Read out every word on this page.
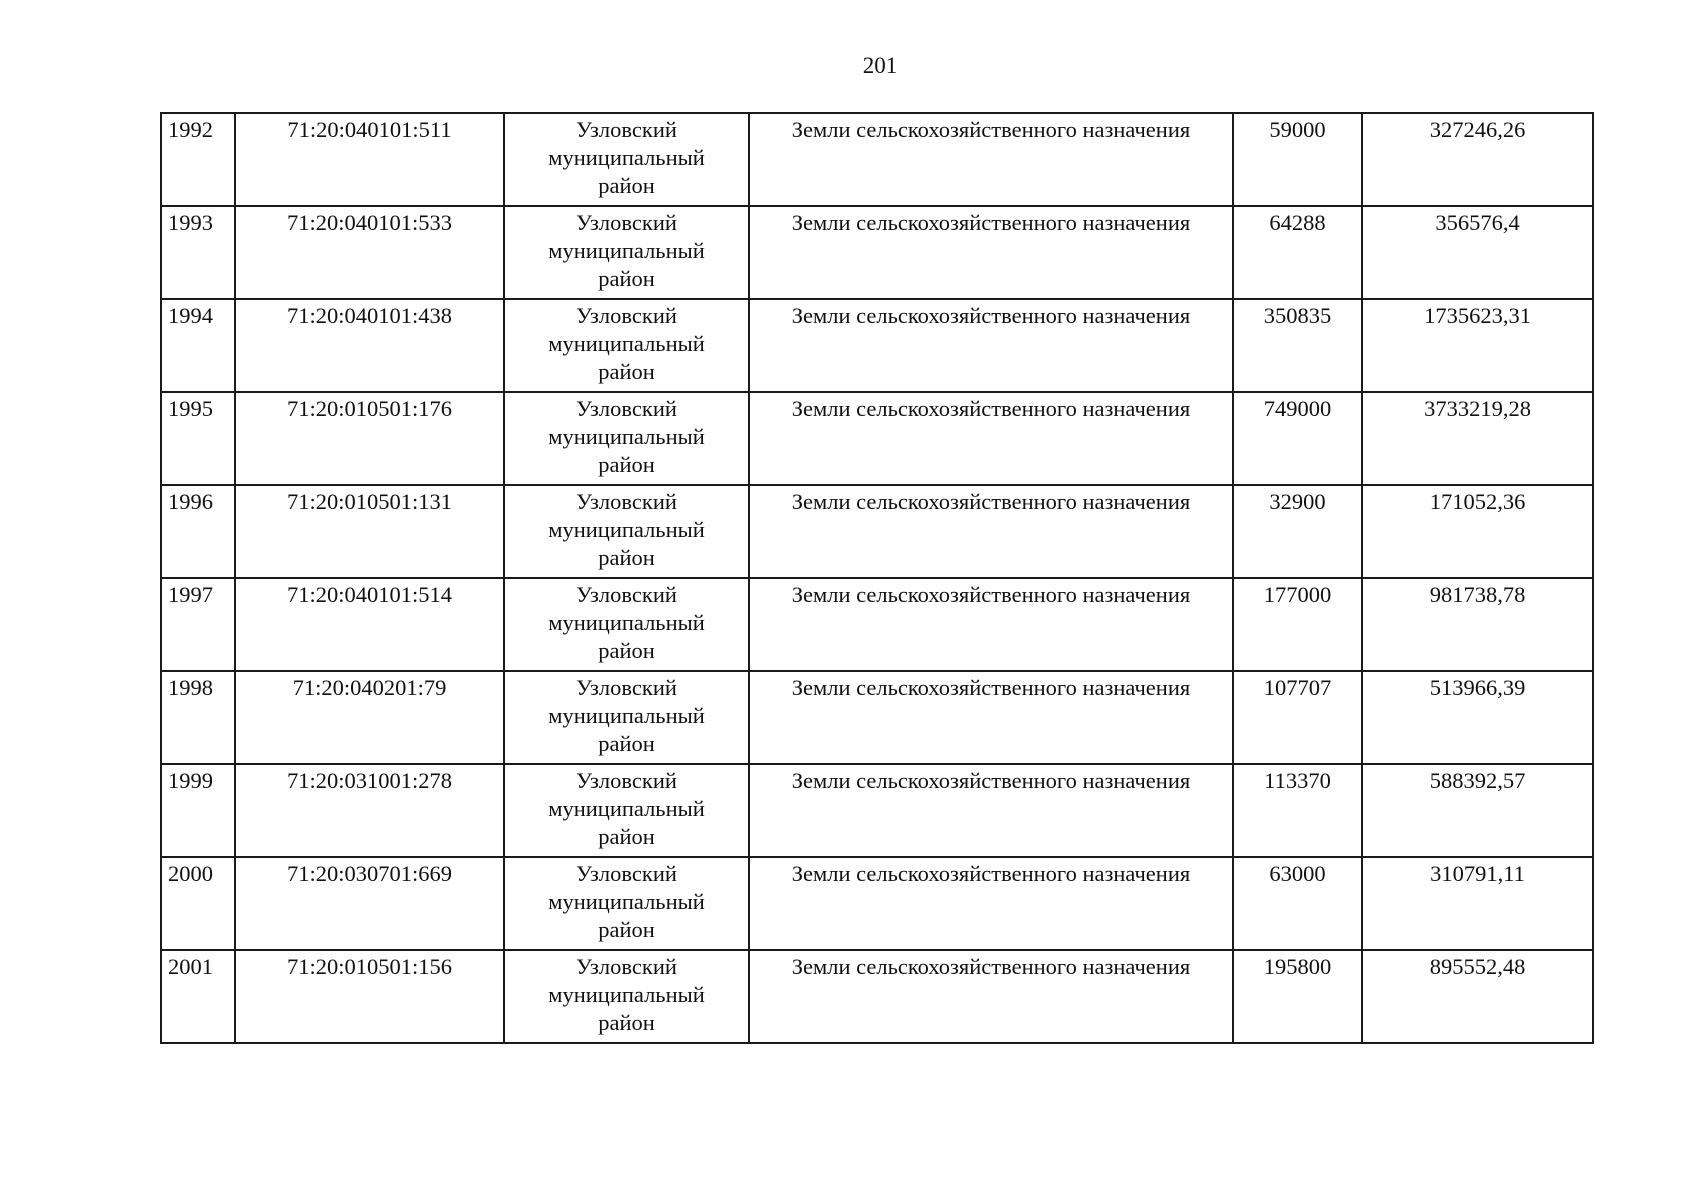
201
1992	71:20:040101:511	Узловский
муниципальный
район	Земли сельскохозяйственного назначения	59000	327246,26
1993	71:20:040101:533	Узловский
муниципальный
район	Земли сельскохозяйственного назначения	64288	356576,4
1994	71:20:040101:438	Узловский
муниципальный
район	Земли сельскохозяйственного назначения	350835	1735623,31
1995	71:20:010501:176	Узловский
муниципальный
район	Земли сельскохозяйственного назначения	749000	3733219,28
1996	71:20:010501:131	Узловский
муниципальный
район	Земли сельскохозяйственного назначения	32900	171052,36
1997	71:20:040101:514	Узловский
муниципальный
район	Земли сельскохозяйственного назначения	177000	981738,78
1998	71:20:040201:79	Узловский
муниципальный
район	Земли сельскохозяйственного назначения	107707	513966,39
1999	71:20:031001:278	Узловский
муниципальный
район	Земли сельскохозяйственного назначения	113370	588392,57
2000	71:20:030701:669	Узловский
муниципальный
район	Земли сельскохозяйственного назначения	63000	310791,11
2001	71:20:010501:156	Узловский
муниципальный
район	Земли сельскохозяйственного назначения	195800	895552,48
